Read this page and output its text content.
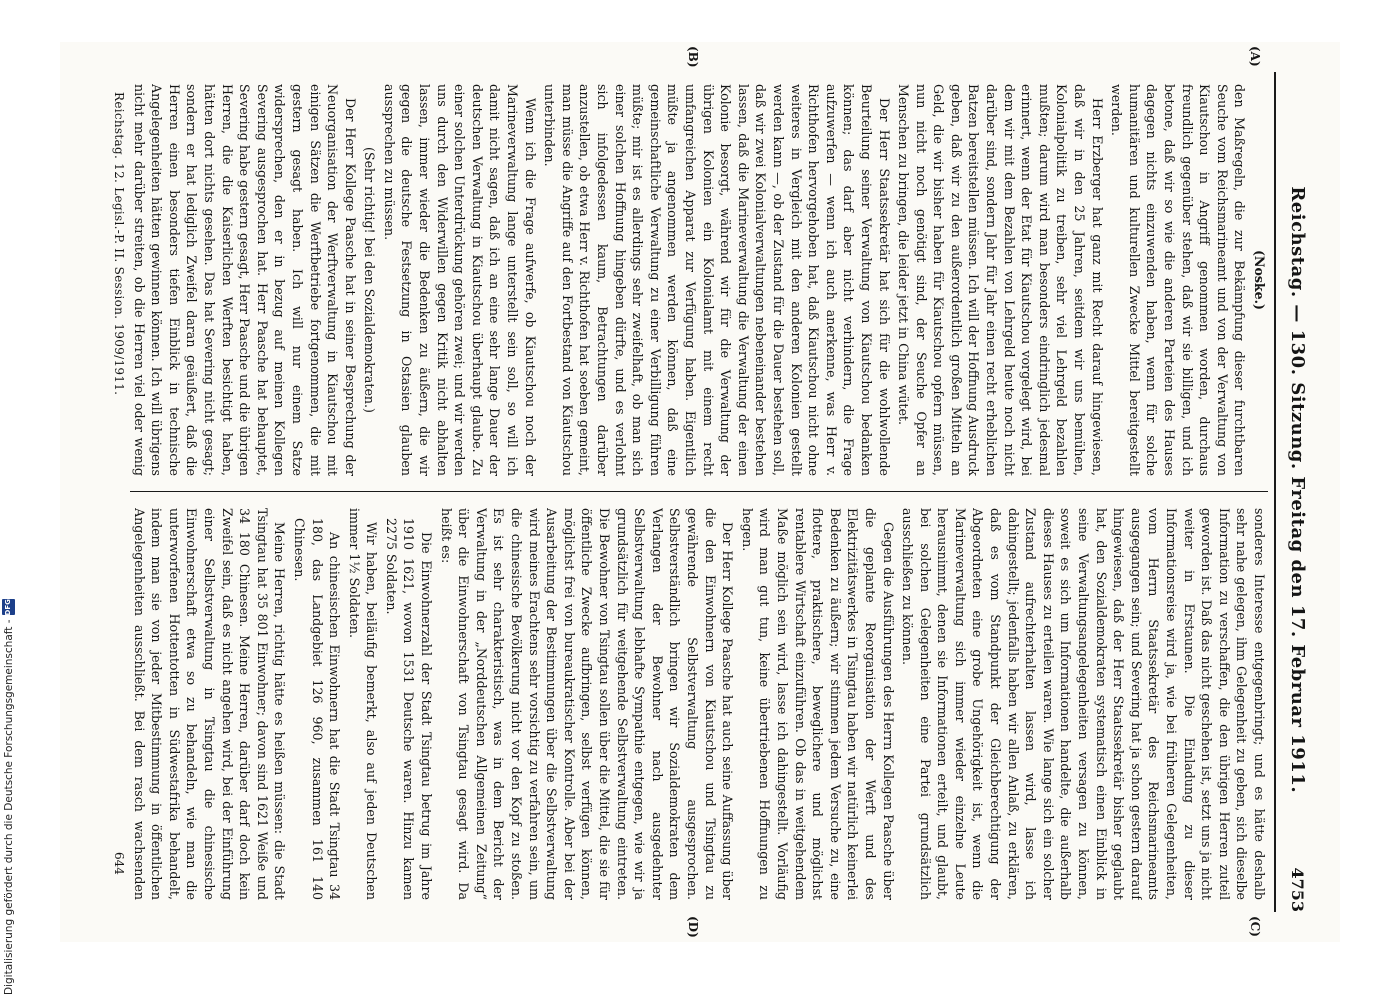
Reichstag. — 130. Sitzung. Freitag den 17. Februar 1911.
4753
(A)
(B)
(C)
(D)

(Noske.)

den Maßregeln, die zur Bekämpfung dieser furchtbaren Seuche vom Reichsmarineamt und von der Verwaltung von Kiautschou in Angriff genommen worden, durchaus freundlich gegenüber stehen, daß wir sie billigen, und ich betone, daß wir so wie die anderen Parteien des Hauses dagegen nichts einzuwenden haben, wenn für solche humanitären und kulturellen Zwecke Mittel bereitgestellt werden.

Herr Erzberger hat ganz mit Recht darauf hingewiesen, daß wir in den 25 Jahren, seitdem wir uns bemühen, Kolonialpolitik zu treiben, sehr viel Lehrgeld bezahlen mußten; darum wird man besonders eindringlich jedesmal erinnert, wenn der Etat für Kiautschou vorgelegt wird, bei dem wir mit dem Bezahlen von Lehrgeld heute noch nicht darüber sind, sondern Jahr für Jahr einen recht erheblichen Batzen bereitstellen müssen. Ich will der Hoffnung Ausdruck geben, daß wir zu den außerordentlich großen Mitteln an Geld, die wir bisher haben für Kiautschou opfern müssen, nun nicht noch genötigt sind, der Seuche Opfer an Menschen zu bringen, die leider jetzt in China wütet.

Der Herr Staatssekretär hat sich für die wohlwollende Beurteilung seiner Verwaltung von Kiautschou bedanken können; das darf aber nicht verhindern, die Frage aufzuwerfen — wenn ich auch anerkenne, was Herr v. Richthofen hervorgehoben hat, daß Kiautschou nicht ohne weiteres in Vergleich mit den anderen Kolonien gestellt werden kann —, ob der Zustand für die Dauer bestehen soll, daß wir zwei Kolonialverwaltungen nebeneinander bestehen lassen, daß die Marineverwaltung die Verwaltung der einen Kolonie besorgt, während wir für die Verwaltung der übrigen Kolonien ein Kolonialamt mit einem recht umfangreichen Apparat zur Verfügung haben. Eigentlich müßte ja angenommen werden können, daß eine gemeinschaftliche Verwaltung zu einer Verbilligung führen müßte; mir ist es allerdings sehr zweifelhaft, ob man sich einer solchen Hoffnung hingeben dürfte, und es verlohnt sich infolgedessen kaum, Betrachtungen darüber anzustellen, ob etwa Herr v. Richthofen hat soeben gemeint, man müsse die Angriffe auf den Fortbestand von Kiautschou unterbinden.

Wenn ich die Frage aufwerfe, ob Kiautschou noch der Marineverwaltung lange unterstellt sein soll, so will ich damit nicht sagen, daß ich an eine sehr lange Dauer der deutschen Verwaltung in Kiautschou überhaupt glaube. Zu einer solchen Unterdrückung gehören zwei; und wir werden uns durch den Widerwillen gegen Kritik nicht abhalten lassen, immer wieder die Bedenken zu äußern, die wir gegen die deutsche Festsetzung in Ostasien glauben aussprechen zu müssen.

(Sehr richtig! bei den Sozialdemokraten.)

Der Herr Kollege Paasche hat in seiner Besprechung der Neuorganisation der Werftverwaltung in Kiautschou mit einigen Sätzen die Werftbetriebe fortgenommen, die mit gestern gesagt haben. Ich will nur einem Satze widersprechen, den er in bezug auf meinen Kollegen Severing ausgesprochen hat. Herr Paasche hat behauptet, Severing habe gestern gesagt, Herr Paasche und die übrigen Herren, die die Kaiserlichen Werften besichtigt haben, hätten dort nichts gesehen. Das hat Severing nicht gesagt; sondern er hat lediglich Zweifel daran geäußert, daß die Herren einen besonders tiefen Einblick in technische Angelegenheiten hätten gewinnen können. Ich will übrigens nicht mehr darüber streiten, ob die Herren viel oder wenig

Reichstag. 12. Legisl.-P. II. Session. 1909/1911.

sonderes Interesse entgegenbringt; und es hätte deshalb sehr nahe gelegen, ihm Gelegenheit zu geben, sich dieselbe Information zu verschaffen, die den übrigen Herren zuteil geworden ist. Daß das nicht geschehen ist, setzt uns ja nicht weiter in Erstaunen. Die Einladung zu dieser Informationsreise wird ja, wie bei früheren Gelegenheiten, vom Herrn Staatssekretär des Reichsmarineamts ausgegangen sein; und Severing hat ja schon gestern darauf hingewiesen, daß der Herr Staatssekretär bisher geglaubt hat, den Sozialdemokraten systematisch einen Einblick in seine Verwaltungsangelegenheiten versagen zu können, soweit es sich um Informationen handelte, die außerhalb dieses Hauses zu erteilen waren. Wie lange sich ein solcher Zustand aufrechterhalten lassen wird, lasse ich dahingestellt; jedenfalls haben wir allen Anlaß, zu erklären, daß es vom Standpunkt der Gleichberechtigung der Abgeordneten eine grobe Ungehörigkeit ist, wenn die Marineverwaltung sich immer wieder einzelne Leute herausnimmt, denen sie Informationen erteilt, und glaubt, bei solchen Gelegenheiten eine Partei grundsätzlich ausschließen zu können.

Gegen die Ausführungen des Herrn Kollegen Paasche über die geplante Reorganisation der Werft und des Elektrizitätswerkes in Tsingtau haben wir natürlich keinerlei Bedenken zu äußern; wir stimmen jedem Versuche zu, eine flottere, praktischere, beweglichere und möglichst rentablere Wirtschaft einzuführen. Ob das in weitgehendem Maße möglich sein wird, lasse ich dahingestellt. Vorläufig wird man gut tun, keine übertriebenen Hoffnungen zu hegen.

Der Herr Kollege Paasche hat auch seine Auffassung über die den Einwohnern von Kiautschou und Tsingtau zu gewährende Selbstverwaltung ausgesprochen. Selbstverständlich bringen wir Sozialdemokraten dem Verlangen der Bewohner nach ausgedehnter Selbstverwaltung lebhafte Sympathie entgegen, wie wir ja grundsätzlich für weitgehende Selbstverwaltung eintreten. Die Bewohner von Tsingtau sollen über die Mittel, die sie für öffentliche Zwecke aufbringen, selbst verfügen können, möglichst frei von bureaukratischer Kontrolle. Aber bei der Ausarbeitung der Bestimmungen über die Selbstverwaltung wird meines Erachtens sehr vorsichtig zu verfahren sein, um die chinesische Bevölkerung nicht vor den Kopf zu stoßen. Es ist sehr charakteristisch, was in dem Bericht der Verwaltung in der „Norddeutschen Allgemeinen Zeitung“ über die Einwohnerschaft von Tsingtau gesagt wird. Da heißt es:

Die Einwohnerzahl der Stadt Tsingtau betrug im Jahre 1910 1621, wovon 1531 Deutsche waren. Hinzu kamen 2275 Soldaten.

Wir haben, beiläufig bemerkt, also auf jeden Deutschen immer 1½ Soldaten.

An chinesischen Einwohnern hat die Stadt Tsingtau 34 180, das Landgebiet 126 960, zusammen 161 140 Chinesen.

Meine Herren, richtig hätte es heißen müssen: die Stadt Tsingtau hat 35 801 Einwohner; davon sind 1621 Weiße und 34 180 Chinesen. Meine Herren, darüber darf doch kein Zweifel sein, daß es nicht angehen wird, bei der Einführung einer Selbstverwaltung in Tsingtau die chinesische Einwohnerschaft etwa so zu behandeln, wie man die unterworfenen Hottentotten in Südwestafrika behandelt, indem man sie von jeder Mitbestimmung in öffentlichen Angelegenheiten ausschließt. Bei dem rasch wachsenden

644
Digitalisierung gefördert durch die Deutsche Forschungsgemeinschaft -
DFG
